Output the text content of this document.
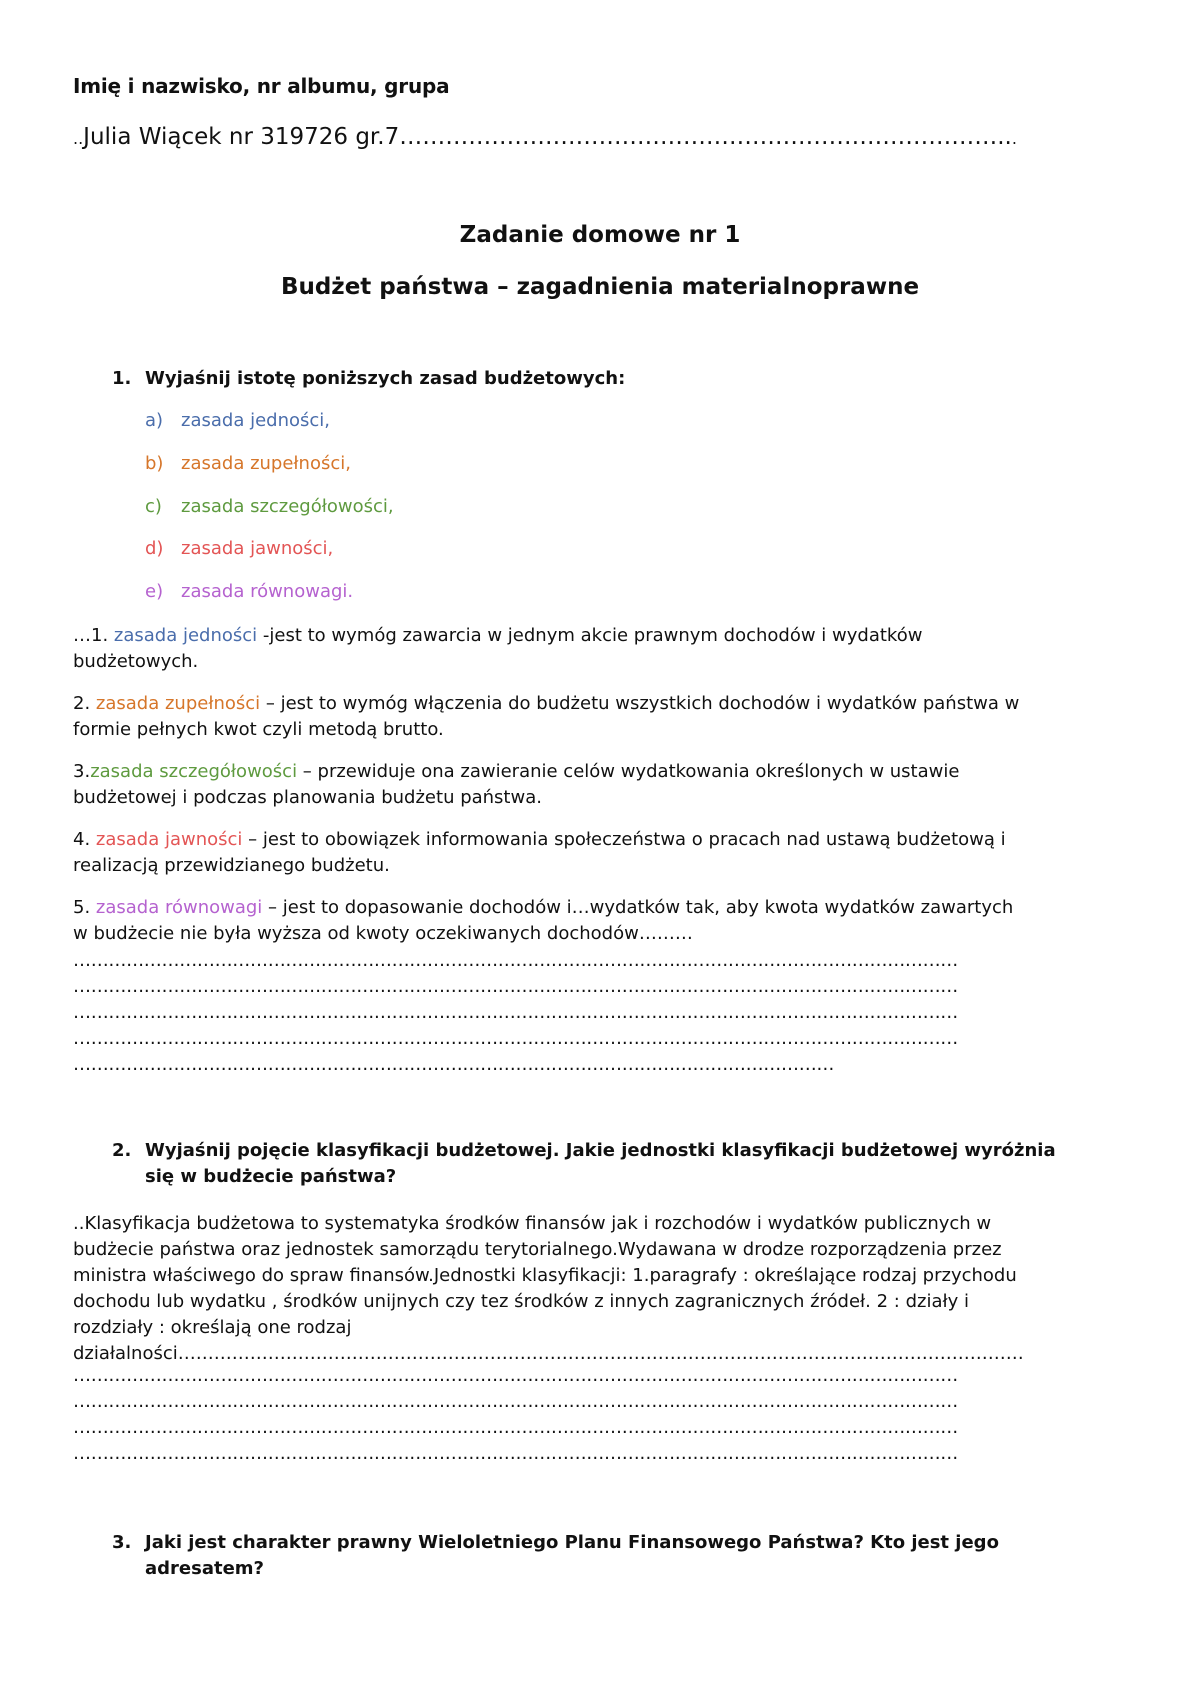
Imię i nazwisko, nr albumu, grupa
..Julia Wiącek nr 319726 gr.7……………………………………………………………………...
Zadanie domowe nr 1
Budżet państwa – zagadnienia materialnoprawne
1. Wyjaśnij istotę poniższych zasad budżetowych:
a) zasada jedności,
b) zasada zupełności,
c) zasada szczegółowości,
d) zasada jawności,
e) zasada równowagi.
…1. zasada jedności -jest to wymóg zawarcia w jednym akcie prawnym dochodów i wydatków
budżetowych.
2. zasada zupełności – jest to wymóg włączenia do budżetu wszystkich dochodów i wydatków państwa w
formie pełnych kwot czyli metodą brutto.
3.zasada szczegółowości – przewiduje ona zawieranie celów wydatkowania określonych w ustawie
budżetowej i podczas planowania budżetu państwa.
4. zasada jawności – jest to obowiązek informowania społeczeństwa o pracach nad ustawą budżetową i
realizacją przewidzianego budżetu.
5. zasada równowagi – jest to dopasowanie dochodów i…wydatków tak, aby kwota wydatków zawartych
w budżecie nie była wyższa od kwoty oczekiwanych dochodów………
……………………………………………………………………………………………………………………………………
……………………………………………………………………………………………………………………………………
……………………………………………………………………………………………………………………………………
……………………………………………………………………………………………………………………………………
…………………………………………………………………………………………………………………
2. Wyjaśnij pojęcie klasyfikacji budżetowej. Jakie jednostki klasyfikacji budżetowej wyróżnia
się w budżecie państwa?
..Klasyfikacja budżetowa to systematyka środków finansów jak i rozchodów i wydatków publicznych w
budżecie państwa oraz jednostek samorządu terytorialnego.Wydawana w drodze rozporządzenia przez
ministra właściwego do spraw finansów.Jednostki klasyfikacji: 1.paragrafy : określające rodzaj przychodu
dochodu lub wydatku , środków unijnych czy tez środków z innych zagranicznych źródeł. 2 : działy i
rozdziały : określają one rodzaj
działalności……………………………………………………………………………………………………………………………
……………………………………………………………………………………………………………………………………
……………………………………………………………………………………………………………………………………
……………………………………………………………………………………………………………………………………
……………………………………………………………………………………………………………………………………
3. Jaki jest charakter prawny Wieloletniego Planu Finansowego Państwa? Kto jest jego
adresatem?
